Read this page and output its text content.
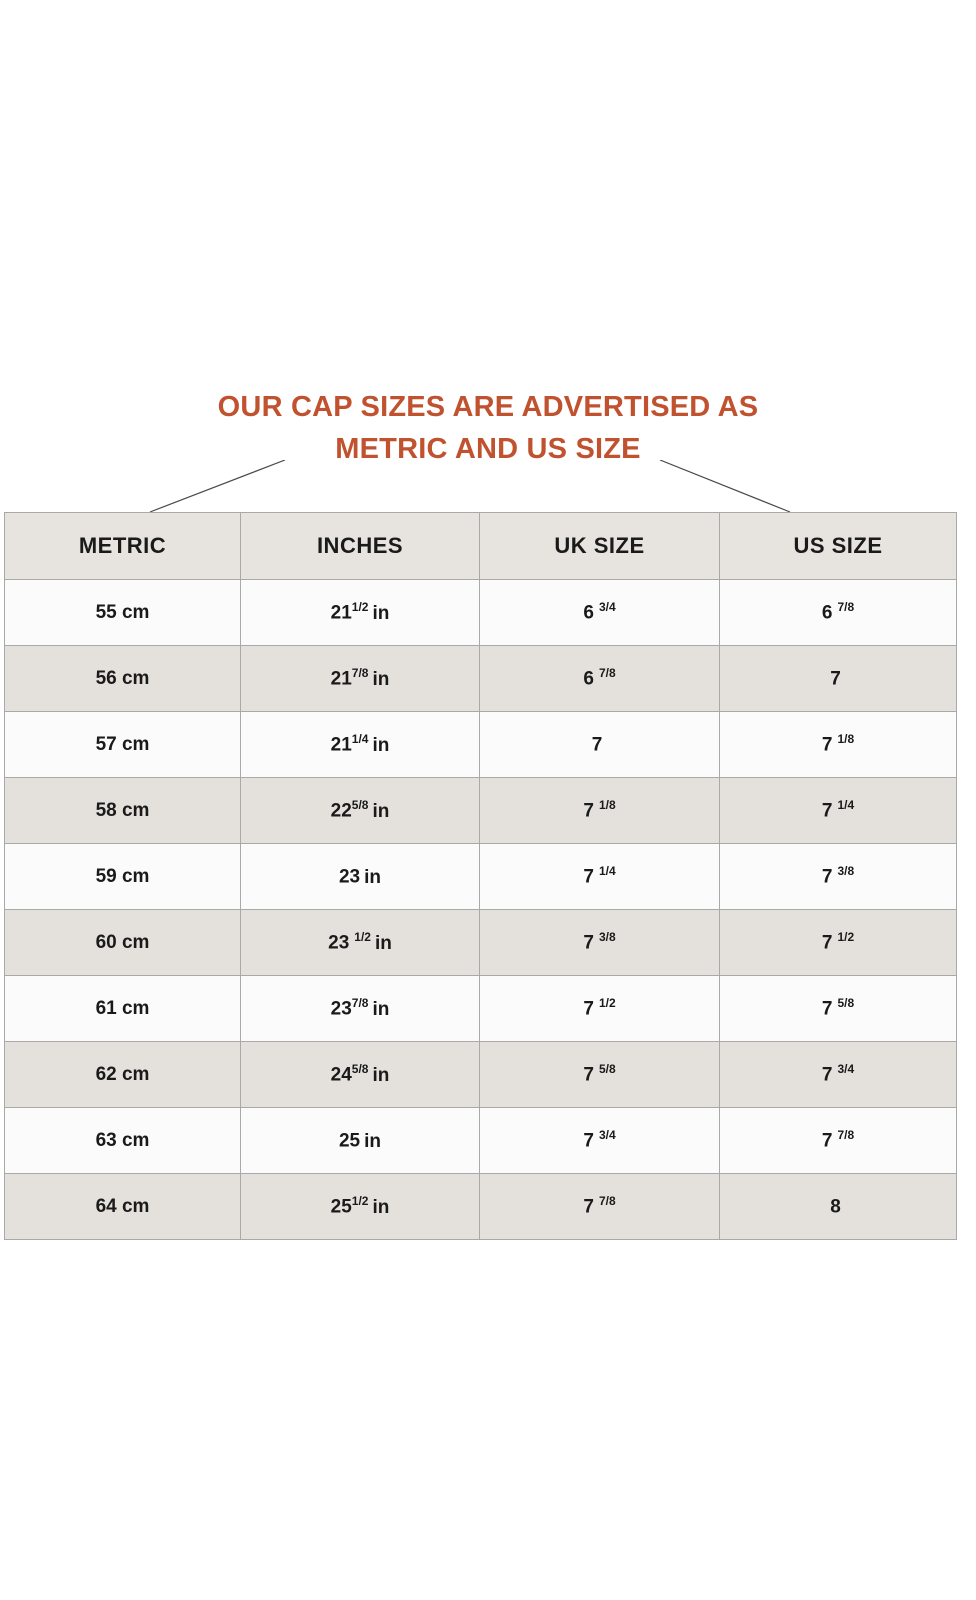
OUR CAP SIZES ARE ADVERTISED AS
METRIC AND US SIZE
METRIC	INCHES	UK SIZE	US SIZE
55 cm	$21^{1/2}$ in	6 $^{3/4}$	6 $^{7/8}$
56 cm	$21^{7/8}$ in	6 $^{7/8}$	7
57 cm	$21^{1/4}$ in	7	7 $^{1/8}$
58 cm	$22^{5/8}$ in	7 $^{1/8}$	7 $^{1/4}$
59 cm	23 in	7 $^{1/4}$	7 $^{3/8}$
60 cm	23 $^{1/2}$ in	7 $^{3/8}$	7 $^{1/2}$
61 cm	$23^{7/8}$ in	7 $^{1/2}$	7 $^{5/8}$
62 cm	$24^{5/8}$ in	7 $^{5/8}$	7 $^{3/4}$
63 cm	25 in	7 $^{3/4}$	7 $^{7/8}$
64 cm	$25^{1/2}$ in	7 $^{7/8}$	8
